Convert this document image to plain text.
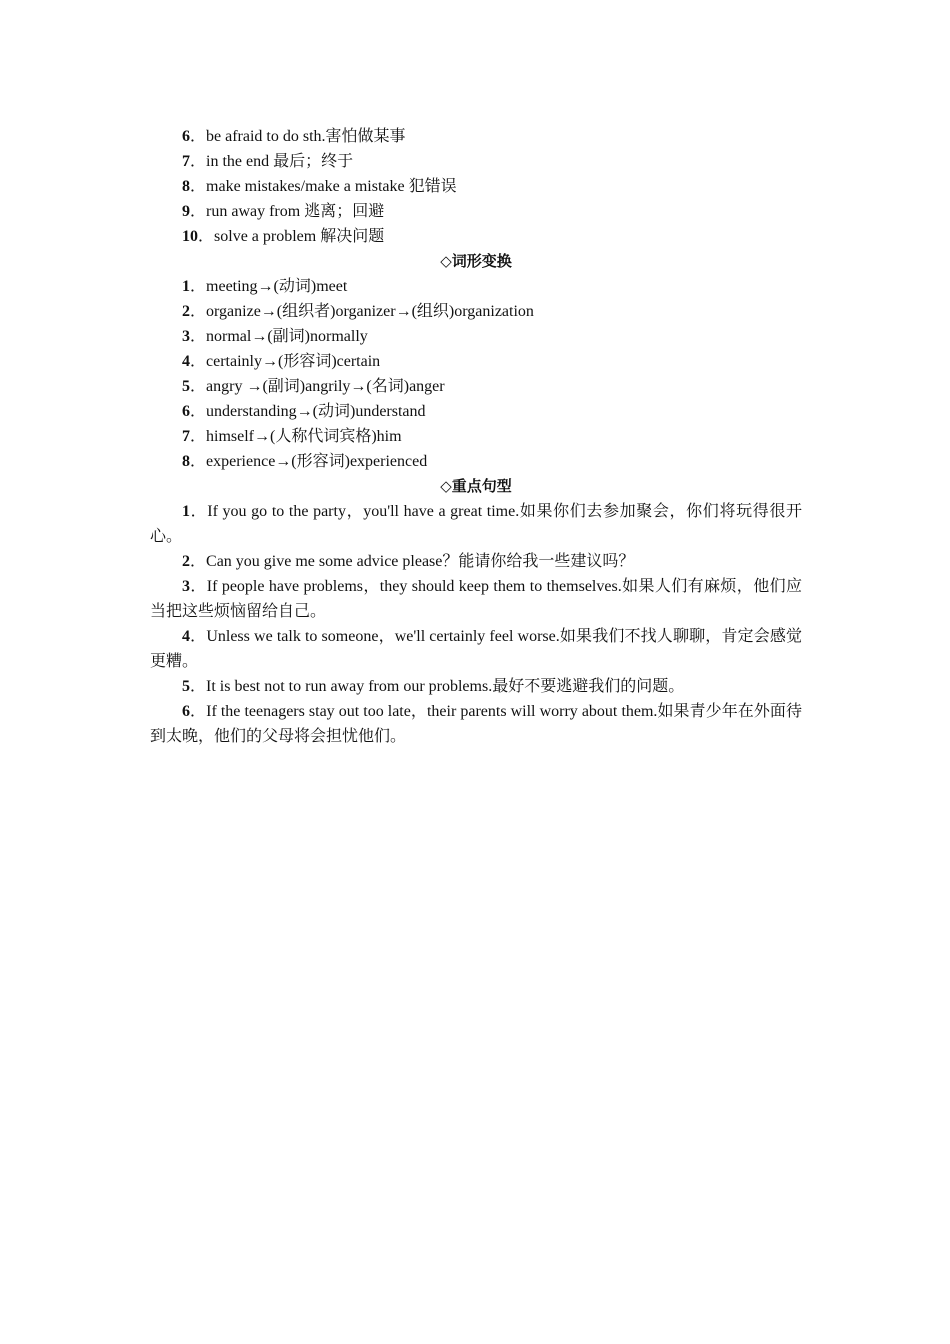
6．be afraid to do sth.害怕做某事
7．in the end 最后；终于
8．make mistakes/make a mistake 犯错误
9．run away from 逃离；回避
10．solve a problem 解决问题
◇词形变换
1．meeting→(动词)meet
2．organize→(组织者)organizer→(组织)organization
3．normal→(副词)normally
4．certainly→(形容词)certain
5．angry →(副词)angrily→(名词)anger
6．understanding→(动词)understand
7．himself→(人称代词宾格)him
8．experience→(形容词)experienced
◇重点句型
1．If you go to the party，you'll have a great time.如果你们去参加聚会，你们将玩得很开心。
2．Can you give me some advice please？能请你给我一些建议吗？
3．If people have problems，they should keep them to themselves.如果人们有麻烦，他们应当把这些烦恼留给自己。
4．Unless we talk to someone，we'll certainly feel worse.如果我们不找人聊聊，肯定会感觉更糟。
5．It is best not to run away from our problems.最好不要逃避我们的问题。
6．If the teenagers stay out too late，their parents will worry about them.如果青少年在外面待到太晚，他们的父母将会担忧他们。
